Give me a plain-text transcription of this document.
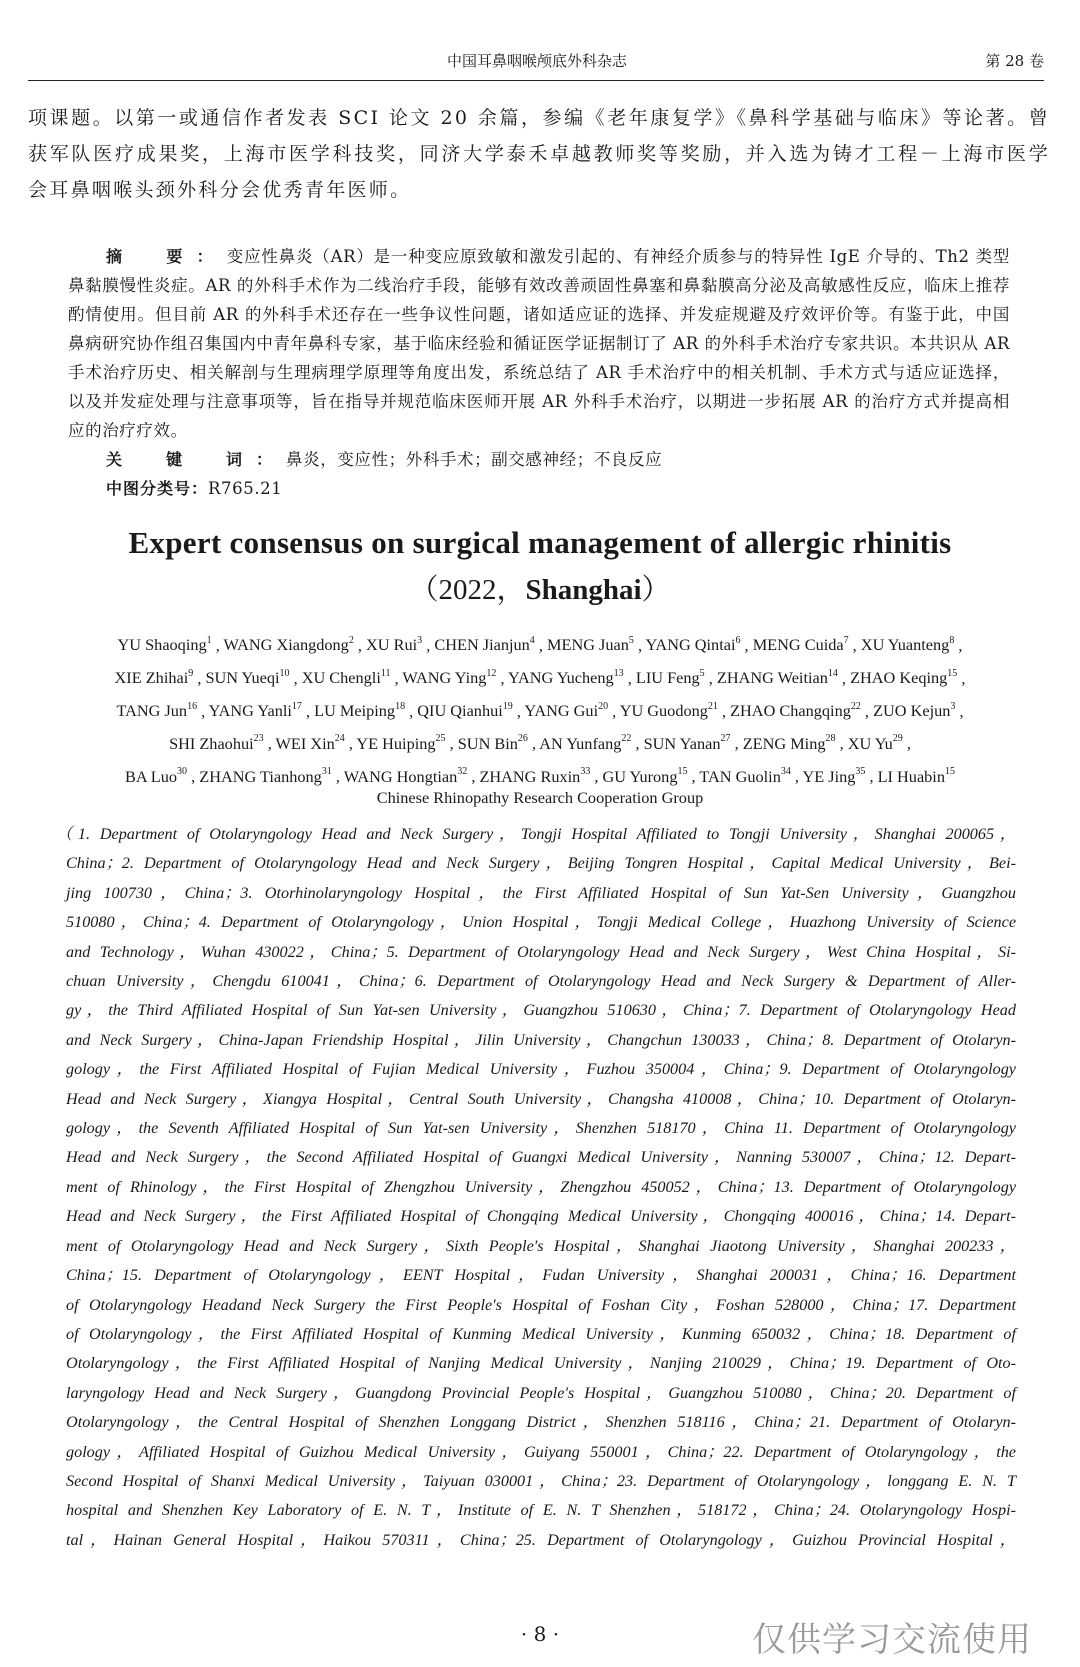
中国耳鼻咽喉颅底外科杂志	第 28 卷
项课题。以第一或通信作者发表 SCI 论文 20 余篇，参编《老年康复学》《鼻科学基础与临床》等论著。曾获军队医疗成果奖，上海市医学科技奖，同济大学泰禾卓越教师奖等奖励，并入选为铸才工程－上海市医学会耳鼻咽喉头颈外科分会优秀青年医师。

摘　要：变应性鼻炎（AR）是一种变应原致敏和激发引起的、有神经介质参与的特异性 IgE 介导的、Th2 类型鼻黏膜慢性炎症。AR 的外科手术作为二线治疗手段，能够有效改善顽固性鼻塞和鼻黏膜高分泌及高敏感性反应，临床上推荐酌情使用。但目前 AR 的外科手术还存在一些争议性问题，诸如适应证的选择、并发症规避及疗效评价等。有鉴于此，中国鼻病研究协作组召集国内中青年鼻科专家，基于临床经验和循证医学证据制订了 AR 的外科手术治疗专家共识。本共识从 AR 手术治疗历史、相关解剖与生理病理学原理等角度出发，系统总结了 AR 手术治疗中的相关机制、手术方式与适应证选择，以及并发症处理与注意事项等，旨在指导并规范临床医师开展 AR 外科手术治疗，以期进一步拓展 AR 的治疗方式并提高相应的治疗疗效。

关　键　词：鼻炎，变应性；外科手术；副交感神经；不良反应

中图分类号：R765.21

Expert consensus on surgical management of allergic rhinitis
（2022，Shanghai）
YU Shaoqing$^1$ , WANG Xiangdong$^2$ , XU Rui$^3$ , CHEN Jianjun$^4$ , MENG Juan$^5$ , YANG Qintai$^6$ , MENG Cuida$^7$ , XU Yuanteng$^8$ ,
XIE Zhihai$^9$ , SUN Yueqi$^{10}$ , XU Chengli$^{11}$ , WANG Ying$^{12}$ , YANG Yucheng$^{13}$ , LIU Feng$^5$ , ZHANG Weitian$^{14}$ , ZHAO Keqing$^{15}$ ,
TANG Jun$^{16}$ , YANG Yanli$^{17}$ , LU Meiping$^{18}$ , QIU Qianhui$^{19}$ , YANG Gui$^{20}$ , YU Guodong$^{21}$ , ZHAO Changqing$^{22}$ , ZUO Kejun$^3$ ,
SHI Zhaohui$^{23}$ , WEI Xin$^{24}$ , YE Huiping$^{25}$ , SUN Bin$^{26}$ , AN Yunfang$^{22}$ , SUN Yanan$^{27}$ , ZENG Ming$^{28}$ , XU Yu$^{29}$ ,
BA Luo$^{30}$ , ZHANG Tianhong$^{31}$ , WANG Hongtian$^{32}$ , ZHANG Ruxin$^{33}$ , GU Yurong$^{15}$ , TAN Guolin$^{34}$ , YE Jing$^{35}$ , LI Huabin$^{15}$
Chinese Rhinopathy Research Cooperation Group
（1. Department of Otolaryngology Head and Neck Surgery，Tongji Hospital Affiliated to Tongji University，Shanghai 200065，
China；2. Department of Otolaryngology Head and Neck Surgery，Beijing Tongren Hospital，Capital Medical University，Bei-
jing 100730，China；3. Otorhinolaryngology Hospital，the First Affiliated Hospital of Sun Yat-Sen University，Guangzhou
510080，China；4. Department of Otolaryngology，Union Hospital，Tongji Medical College，Huazhong University of Science
and Technology，Wuhan 430022，China；5. Department of Otolaryngology Head and Neck Surgery，West China Hospital，Si-
chuan University，Chengdu 610041，China；6. Department of Otolaryngology Head and Neck Surgery & Department of Aller-
gy，the Third Affiliated Hospital of Sun Yat-sen University，Guangzhou 510630，China；7. Department of Otolaryngology Head
and Neck Surgery，China-Japan Friendship Hospital，Jilin University，Changchun 130033，China；8. Department of Otolaryn-
gology，the First Affiliated Hospital of Fujian Medical University，Fuzhou 350004，China；9. Department of Otolaryngology
Head and Neck Surgery，Xiangya Hospital，Central South University，Changsha 410008，China；10. Department of Otolaryn-
gology，the Seventh Affiliated Hospital of Sun Yat-sen University，Shenzhen 518170，China 11. Department of Otolaryngology
Head and Neck Surgery，the Second Affiliated Hospital of Guangxi Medical University，Nanning 530007，China；12. Depart-
ment of Rhinology，the First Hospital of Zhengzhou University，Zhengzhou 450052，China；13. Department of Otolaryngology
Head and Neck Surgery，the First Affiliated Hospital of Chongqing Medical University，Chongqing 400016，China；14. Depart-
ment of Otolaryngology Head and Neck Surgery，Sixth People's Hospital，Shanghai Jiaotong University，Shanghai 200233，
China；15. Department of Otolaryngology，EENT Hospital，Fudan University，Shanghai 200031，China；16. Department
of Otolaryngology Headand Neck Surgery the First People's Hospital of Foshan City，Foshan 528000，China；17. Department
of Otolaryngology，the First Affiliated Hospital of Kunming Medical University，Kunming 650032，China；18. Department of
Otolaryngology，the First Affiliated Hospital of Nanjing Medical University，Nanjing 210029，China；19. Department of Oto-
laryngology Head and Neck Surgery，Guangdong Provincial People's Hospital，Guangzhou 510080，China；20. Department of
Otolaryngology，the Central Hospital of Shenzhen Longgang District，Shenzhen 518116，China；21. Department of Otolaryn-
gology，Affiliated Hospital of Guizhou Medical University，Guiyang 550001，China；22. Department of Otolaryngology，the
Second Hospital of Shanxi Medical University，Taiyuan 030001，China；23. Department of Otolaryngology，longgang E. N. T
hospital and Shenzhen Key Laboratory of E. N. T，Institute of E. N. T Shenzhen，518172，China；24. Otolaryngology Hospi-
tal，Hainan General Hospital，Haikou 570311，China；25. Department of Otolaryngology，Guizhou Provincial Hospital，
· 8 ·	仅供学习交流使用
